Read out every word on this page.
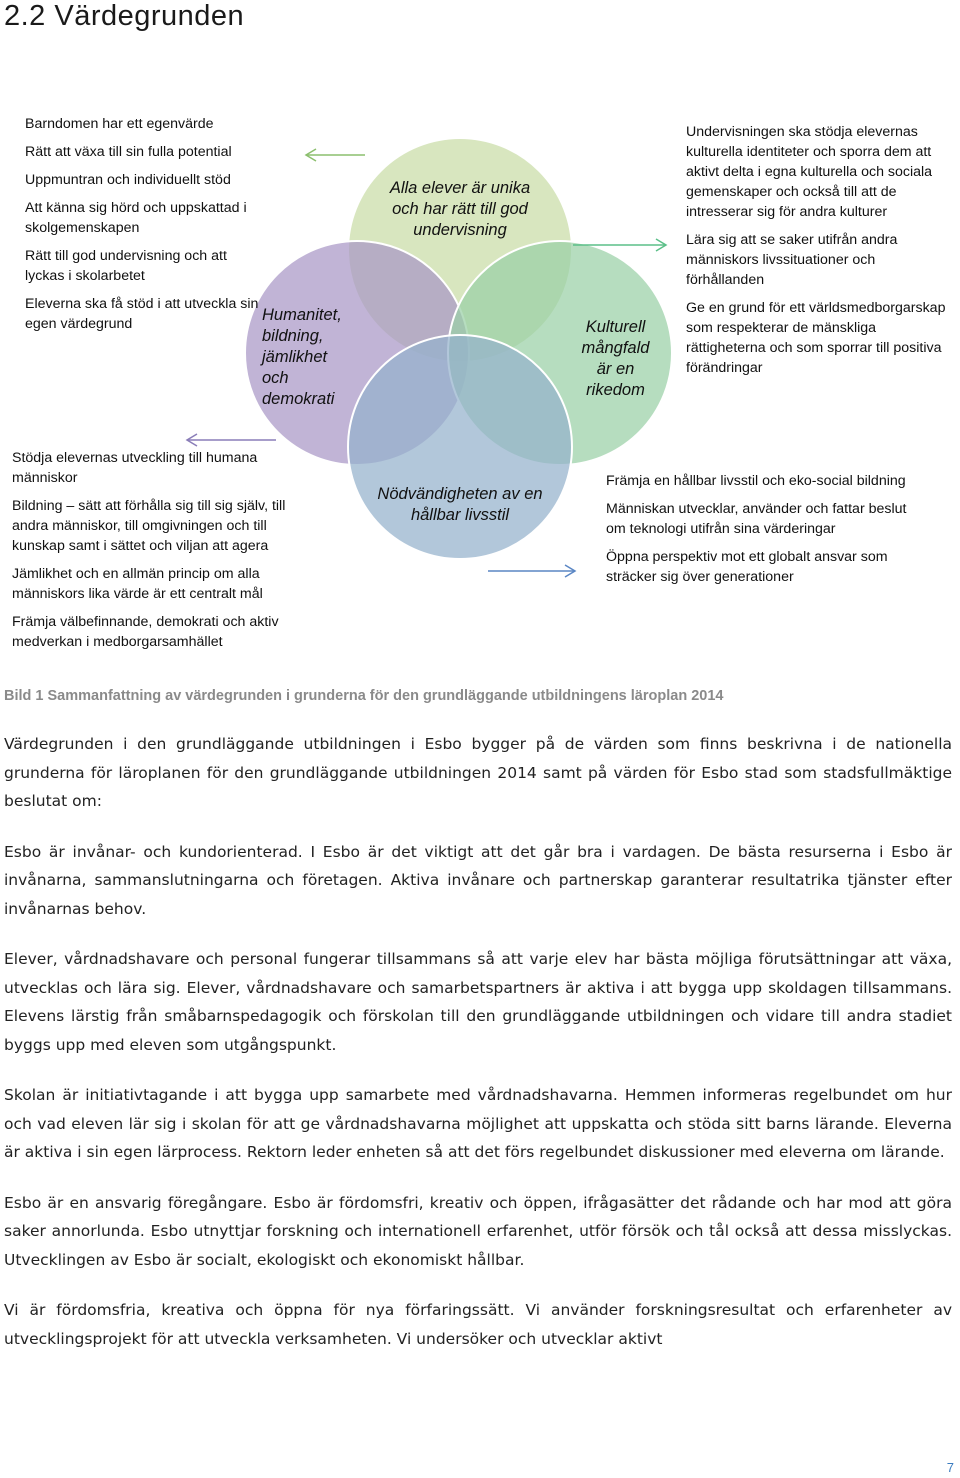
2.2 Värdegrunden
Alla elever är unika och har rätt till god undervisning
Humanitet, bildning, jämlikhet och demokrati
Kulturell mångfald är en rikedom
Nödvändigheten av en hållbar livsstil
Barndomen har ett egenvärde
Rätt att växa till sin fulla potential
Uppmuntran och individuellt stöd
Att känna sig hörd och uppskattad i skolgemenskapen
Rätt till god undervisning och att lyckas i skolarbetet
Eleverna ska få stöd i att utveckla sin egen värdegrund
Undervisningen ska stödja elevernas kulturella identiteter och sporra dem att aktivt delta i egna kulturella och sociala gemenskaper och också till att de intresserar sig för andra kulturer
Lära sig att se saker utifrån andra människors livssituationer och förhållanden
Ge en grund för ett världsmedborgarskap som respekterar de mänskliga rättigheterna och som sporrar till positiva förändringar
Stödja elevernas utveckling till humana människor
Bildning – sätt att förhålla sig till sig själv, till andra människor, till omgivningen och till kunskap samt i sättet och viljan att agera
Jämlikhet och en allmän princip om alla människors lika värde är ett centralt mål
Främja välbefinnande, demokrati och aktiv medverkan i medborgarsamhället
Främja en hållbar livsstil och eko-social bildning
Människan utvecklar, använder och fattar beslut om teknologi utifrån sina värderingar
Öppna perspektiv mot ett globalt ansvar som sträcker sig över generationer
Bild 1 Sammanfattning av värdegrunden i grunderna för den grundläggande utbildningens läroplan 2014

Värdegrunden i den grundläggande utbildningen i Esbo bygger på de värden som finns beskrivna i de nationella grunderna för läroplanen för den grundläggande utbildningen 2014 samt på värden för Esbo stad som stadsfullmäktige beslutat om:

Esbo är invånar- och kundorienterad. I Esbo är det viktigt att det går bra i vardagen. De bästa resurserna i Esbo är invånarna, sammanslutningarna och företagen. Aktiva invånare och partnerskap garanterar resultatrika tjänster efter invånarnas behov.

Elever, vårdnadshavare och personal fungerar tillsammans så att varje elev har bästa möjliga förutsättningar att växa, utvecklas och lära sig. Elever, vårdnadshavare och samarbetspartners är aktiva i att bygga upp skoldagen tillsammans. Elevens lärstig från småbarnspedagogik och förskolan till den grundläggande utbildningen och vidare till andra stadiet byggs upp med eleven som utgångspunkt.

Skolan är initiativtagande i att bygga upp samarbete med vårdnadshavarna. Hemmen informeras regelbundet om hur och vad eleven lär sig i skolan för att ge vårdnadshavarna möjlighet att uppskatta och stöda sitt barns lärande. Eleverna är aktiva i sin egen lärprocess. Rektorn leder enheten så att det förs regelbundet diskussioner med eleverna om lärande.

Esbo är en ansvarig föregångare. Esbo är fördomsfri, kreativ och öppen, ifrågasätter det rådande och har mod att göra saker annorlunda. Esbo utnyttjar forskning och internationell erfarenhet, utför försök och tål också att dessa misslyckas. Utvecklingen av Esbo är socialt, ekologiskt och ekonomiskt hållbar.

Vi är fördomsfria, kreativa och öppna för nya förfaringssätt. Vi använder forskningsresultat och erfarenheter av utvecklingsprojekt för att utveckla verksamheten. Vi undersöker och utvecklar aktivt

7
